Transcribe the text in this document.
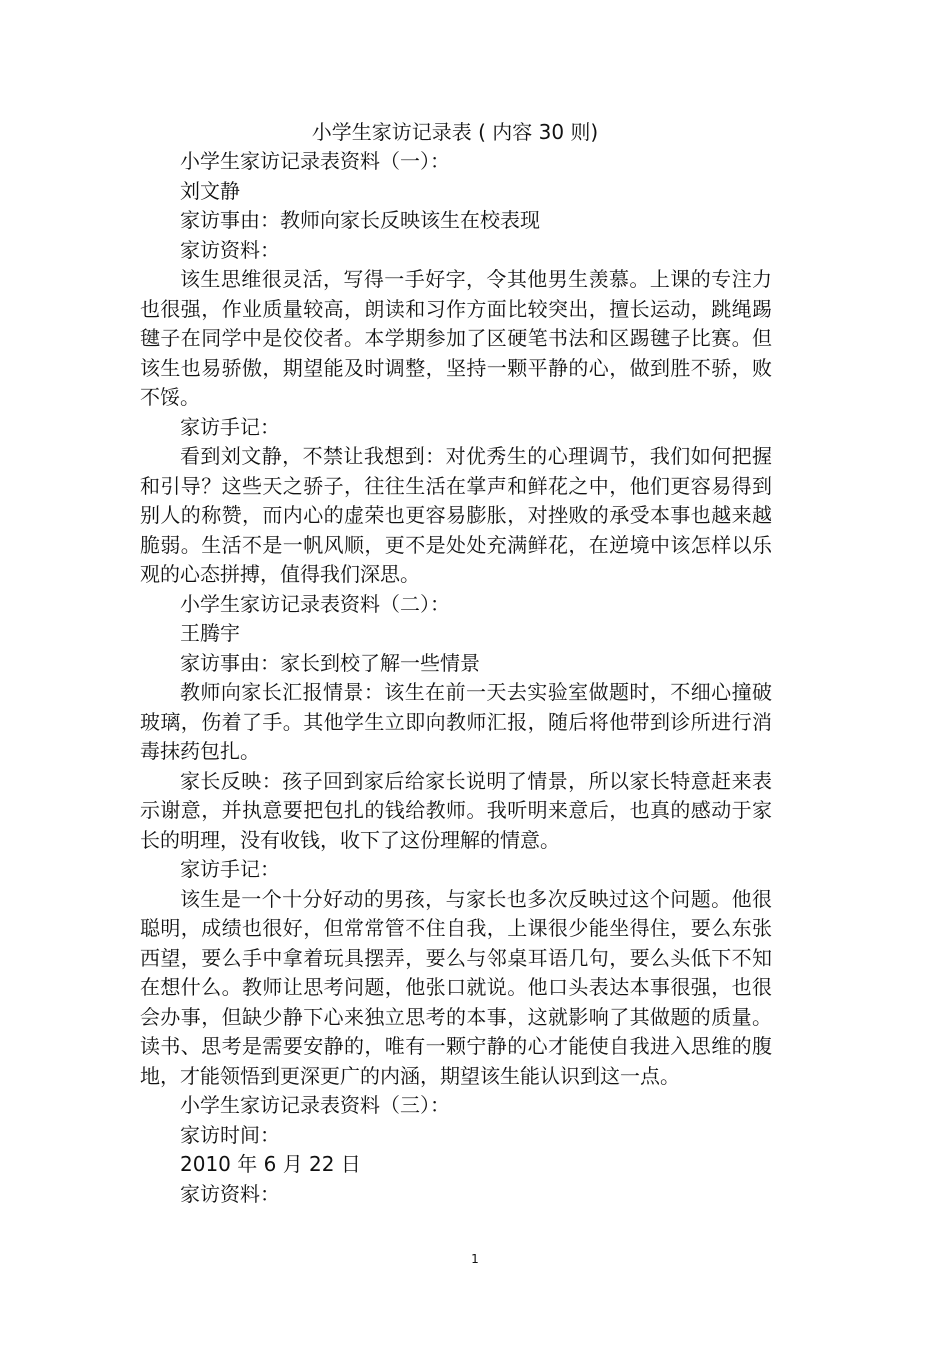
小学生家访记录表 ( 内容 30 则)

小学生家访记录表资料（一）：

刘文静

家访事由：教师向家长反映该生在校表现

家访资料：

该生思维很灵活，写得一手好字，令其他男生羡慕。上课的专注力也很强，作业质量较高，朗读和习作方面比较突出，擅长运动，跳绳踢毽子在同学中是佼佼者。本学期参加了区硬笔书法和区踢毽子比赛。但该生也易骄傲，期望能及时调整，坚持一颗平静的心，做到胜不骄，败不馁。

家访手记：

看到刘文静，不禁让我想到：对优秀生的心理调节，我们如何把握和引导？这些天之骄子，往往生活在掌声和鲜花之中，他们更容易得到别人的称赞，而内心的虚荣也更容易膨胀，对挫败的承受本事也越来越脆弱。生活不是一帆风顺，更不是处处充满鲜花，在逆境中该怎样以乐观的心态拼搏，值得我们深思。

小学生家访记录表资料（二）：

王腾宇

家访事由：家长到校了解一些情景

教师向家长汇报情景：该生在前一天去实验室做题时，不细心撞破玻璃，伤着了手。其他学生立即向教师汇报，随后将他带到诊所进行消毒抹药包扎。

家长反映：孩子回到家后给家长说明了情景，所以家长特意赶来表示谢意，并执意要把包扎的钱给教师。我听明来意后，也真的感动于家长的明理，没有收钱，收下了这份理解的情意。

家访手记：

该生是一个十分好动的男孩，与家长也多次反映过这个问题。他很聪明，成绩也很好，但常常管不住自我，上课很少能坐得住，要么东张西望，要么手中拿着玩具摆弄，要么与邻桌耳语几句，要么头低下不知在想什么。教师让思考问题，他张口就说。他口头表达本事很强，也很会办事，但缺少静下心来独立思考的本事，这就影响了其做题的质量。读书、思考是需要安静的，唯有一颗宁静的心才能使自我进入思维的腹地，才能领悟到更深更广的内涵，期望该生能认识到这一点。

小学生家访记录表资料（三）：

家访时间：

2010 年 6 月 22 日

家访资料：

1
